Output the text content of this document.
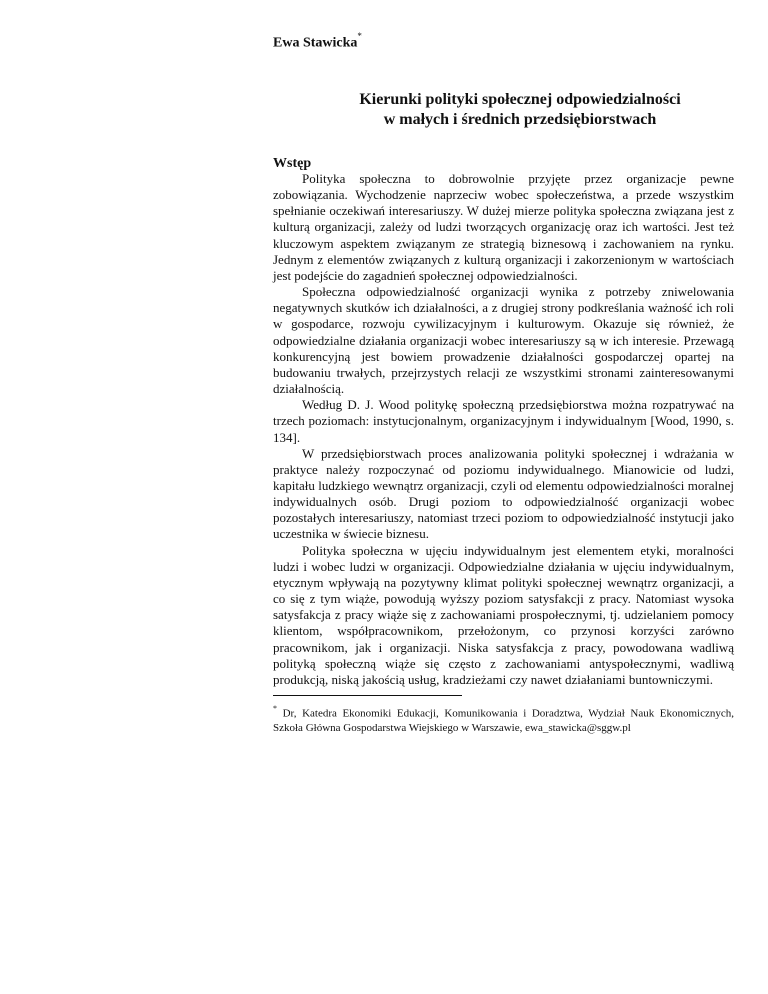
Ewa Stawicka*
Kierunki polityki społecznej odpowiedzialności
w małych i średnich przedsiębiorstwach
Wstęp

Polityka społeczna to dobrowolnie przyjęte przez organizacje pewne zobowiązania. Wychodzenie naprzeciw wobec społeczeństwa, a przede wszystkim spełnianie oczekiwań interesariuszy. W dużej mierze polityka społeczna związana jest z kulturą organizacji, zależy od ludzi tworzących organizację oraz ich wartości. Jest też kluczowym aspektem związanym ze strategią biznesową i zachowaniem na rynku. Jednym z elementów związanych z kulturą organizacji i zakorzenionym w wartościach jest podejście do zagadnień społecznej odpowiedzialności.

Społeczna odpowiedzialność organizacji wynika z potrzeby zniwelowania negatywnych skutków ich działalności, a z drugiej strony podkreślania ważność ich roli w gospodarce, rozwoju cywilizacyjnym i kulturowym. Okazuje się również, że odpowiedzialne działania organizacji wobec interesariuszy są w ich interesie. Przewagą konkurencyjną jest bowiem prowadzenie działalności gospodarczej opartej na budowaniu trwałych, przejrzystych relacji ze wszystkimi stronami zainteresowanymi działalnością.

Według D. J. Wood politykę społeczną przedsiębiorstwa można rozpatrywać na trzech poziomach: instytucjonalnym, organizacyjnym i indywidualnym [Wood, 1990, s. 134].

W przedsiębiorstwach proces analizowania polityki społecznej i wdrażania w praktyce należy rozpoczynać od poziomu indywidualnego. Mianowicie od ludzi, kapitału ludzkiego wewnątrz organizacji, czyli od elementu odpowiedzialności moralnej indywidualnych osób. Drugi poziom to odpowiedzialność organizacji wobec pozostałych interesariuszy, natomiast trzeci poziom to odpowiedzialność instytucji jako uczestnika w świecie biznesu.

Polityka społeczna w ujęciu indywidualnym jest elementem etyki, moralności ludzi i wobec ludzi w organizacji. Odpowiedzialne działania w ujęciu indywidualnym, etycznym wpływają na pozytywny klimat polityki społecznej wewnątrz organizacji, a co się z tym wiąże, powodują wyższy poziom satysfakcji z pracy. Natomiast wysoka satysfakcja z pracy wiąże się z zachowaniami prospołecznymi, tj. udzielaniem pomocy klientom, współpracownikom, przełożonym, co przynosi korzyści zarówno pracownikom, jak i organizacji. Niska satysfakcja z pracy, powodowana wadliwą polityką społeczną wiąże się często z zachowaniami antyspołecznymi, wadliwą produkcją, niską jakością usług, kradzieżami czy nawet działaniami buntowniczymi.

* Dr, Katedra Ekonomiki Edukacji, Komunikowania i Doradztwa, Wydział Nauk Ekonomicznych, Szkoła Główna Gospodarstwa Wiejskiego w Warszawie, ewa_stawicka@sggw.pl
